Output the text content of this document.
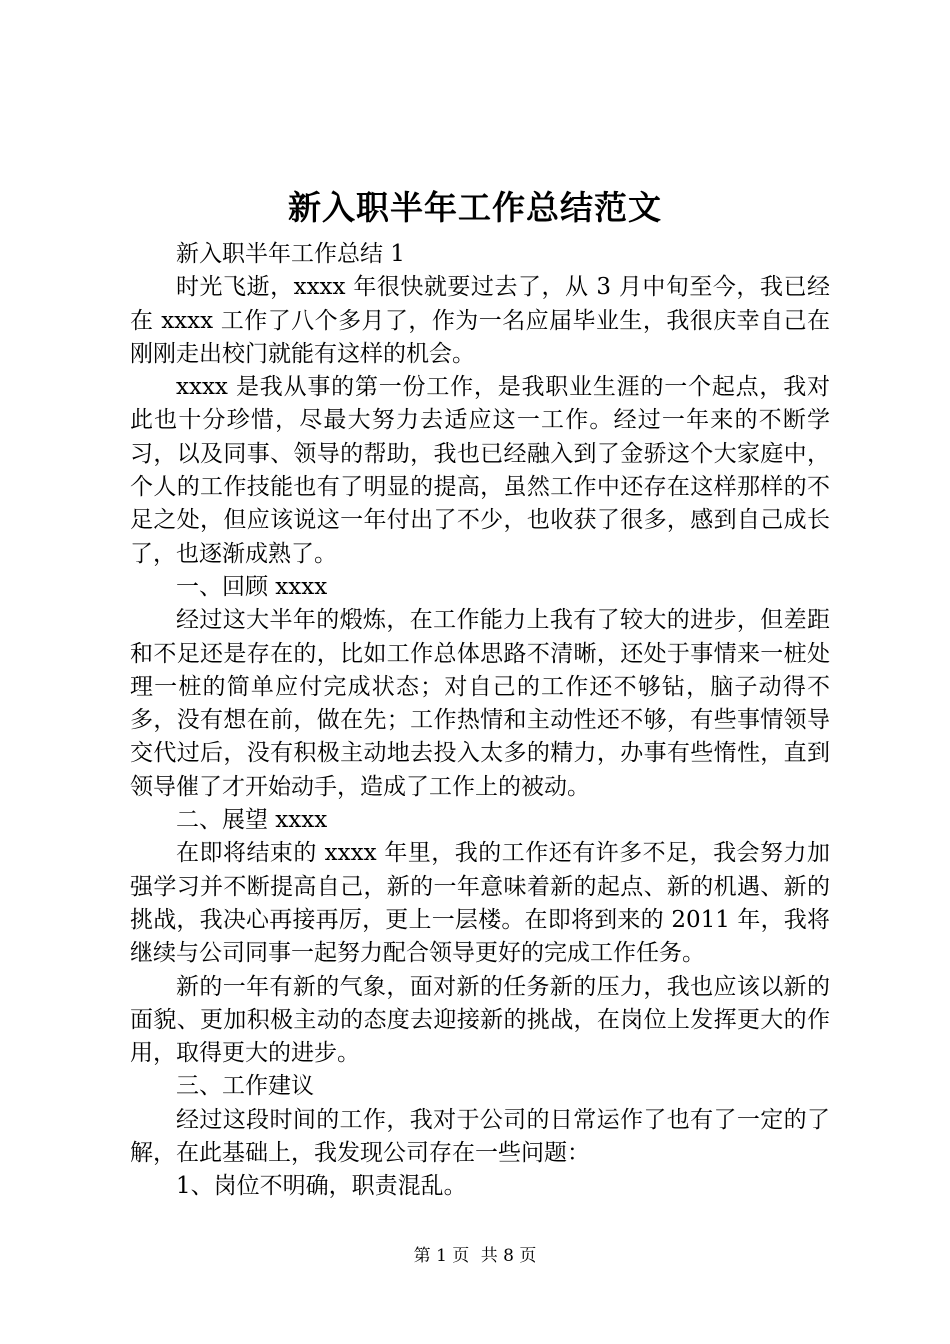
新入职半年工作总结范文

新入职半年工作总结 1

时光飞逝，xxxx 年很快就要过去了，从 3 月中旬至今，我已经在 xxxx 工作了八个多月了，作为一名应届毕业生，我很庆幸自己在刚刚走出校门就能有这样的机会。

xxxx 是我从事的第一份工作，是我职业生涯的一个起点，我对此也十分珍惜，尽最大努力去适应这一工作。经过一年来的不断学习，以及同事、领导的帮助，我也已经融入到了金骄这个大家庭中，个人的工作技能也有了明显的提高，虽然工作中还存在这样那样的不足之处，但应该说这一年付出了不少，也收获了很多，感到自己成长了，也逐渐成熟了。

一、回顾 xxxx

经过这大半年的煅炼，在工作能力上我有了较大的进步，但差距和不足还是存在的，比如工作总体思路不清晰，还处于事情来一桩处理一桩的简单应付完成状态；对自己的工作还不够钻，脑子动得不多，没有想在前，做在先；工作热情和主动性还不够，有些事情领导交代过后，没有积极主动地去投入太多的精力，办事有些惰性，直到领导催了才开始动手，造成了工作上的被动。

二、展望 xxxx

在即将结束的 xxxx 年里，我的工作还有许多不足，我会努力加强学习并不断提高自己，新的一年意味着新的起点、新的机遇、新的挑战，我决心再接再厉，更上一层楼。在即将到来的 2011 年，我将继续与公司同事一起努力配合领导更好的完成工作任务。

新的一年有新的气象，面对新的任务新的压力，我也应该以新的面貌、更加积极主动的态度去迎接新的挑战，在岗位上发挥更大的作用，取得更大的进步。

三、工作建议

经过这段时间的工作，我对于公司的日常运作了也有了一定的了解，在此基础上，我发现公司存在一些问题：

1、岗位不明确，职责混乱。

第 1 页 共 8 页
